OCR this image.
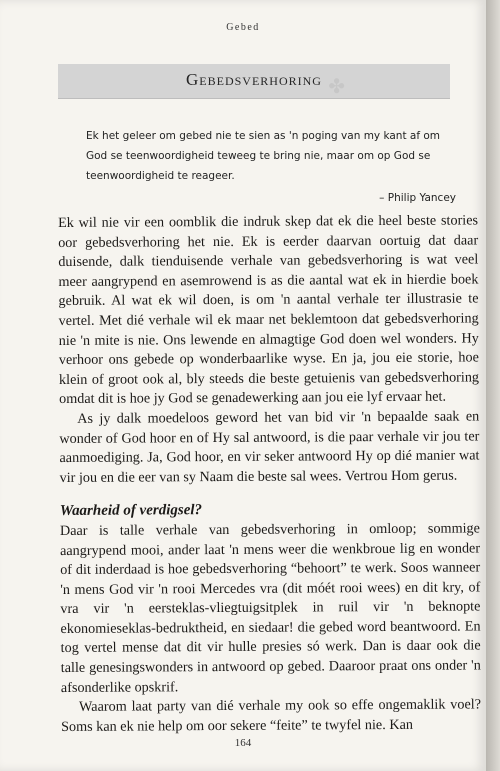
Gebed
✤
Gebedsverhoring
Ek het geleer om gebed nie te sien as 'n poging van my kant af om God se teenwoordigheid teweeg te bring nie, maar om op God se teenwoordigheid te reageer.
– Philip Yancey

Ek wil nie vir een oomblik die indruk skep dat ek die heel beste stories oor gebedsverhoring het nie. Ek is eerder daarvan oortuig dat daar duisende, dalk tienduisende verhale van gebedsverhoring is wat veel meer aangrypend en asemrowend is as die aantal wat ek in hierdie boek gebruik. Al wat ek wil doen, is om 'n aantal verhale ter illustrasie te vertel. Met dié verhale wil ek maar net beklemtoon dat gebedsverhoring nie 'n mite is nie. Ons lewende en almagtige God doen wel wonders. Hy verhoor ons gebede op wonderbaarlike wyse. En ja, jou eie storie, hoe klein of groot ook al, bly steeds die beste getuienis van gebedsverhoring omdat dit is hoe jy God se genadewerking aan jou eie lyf ervaar het.

As jy dalk moedeloos geword het van bid vir 'n bepaalde saak en wonder of God hoor en of Hy sal antwoord, is die paar verhale vir jou ter aanmoediging. Ja, God hoor, en vir seker antwoord Hy op dié manier wat vir jou en die eer van sy Naam die beste sal wees. Vertrou Hom gerus.

Waarheid of verdigsel?

Daar is talle verhale van gebedsverhoring in omloop; sommige aangrypend mooi, ander laat 'n mens weer die wenkbroue lig en wonder of dit inderdaad is hoe gebedsverhoring “behoort” te werk. Soos wanneer 'n mens God vir 'n rooi Mercedes vra (dit móét rooi wees) en dit kry, of vra vir 'n eersteklas-vliegtuigsitplek in ruil vir 'n beknopte ekonomieseklas-bedruktheid, en siedaar! die gebed word beantwoord. En tog vertel mense dat dit vir hulle presies só werk. Dan is daar ook die talle genesingswonders in antwoord op gebed. Daaroor praat ons onder 'n afsonderlike opskrif.

Waarom laat party van dié verhale my ook so effe ongemaklik voel? Soms kan ek nie help om oor sekere “feite” te twyfel nie. Kan

164
